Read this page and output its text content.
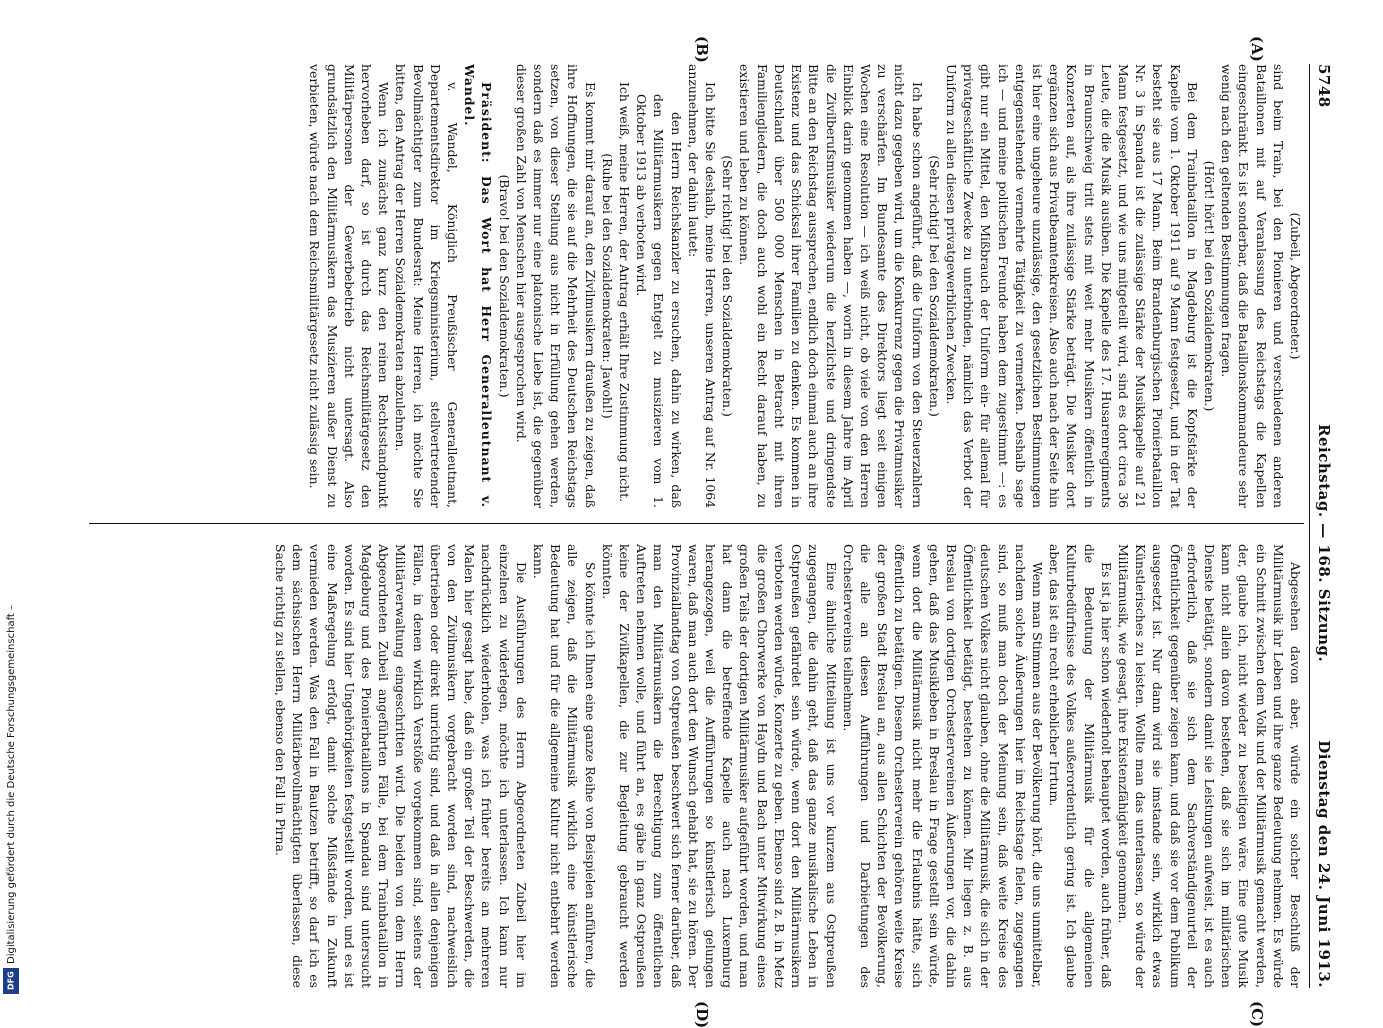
5748
Reichstag. — 168. Sitzung.
Dienstag den 24. Juni 1913.
(A)
(B)
(C)
(D)

(Zubeil, Abgeordneter.)

sind beim Train, bei den Pionieren und verschiedenen anderen Bataillonen mit auf Veranlassung des Reichstags die Kapellen eingeschränkt. Es ist sonderbar, daß die Bataillonskommandeure sehr wenig nach den geltenden Bestimmungen fragen.

(Hört! hört! bei den Sozialdemokraten.)

Bei dem Trainbataillon in Magdeburg ist die Kopfstärke der Kapelle vom 1. Oktober 1911 auf 9 Mann festgesetzt, und in der Tat besteht sie aus 17 Mann. Beim Brandenburgischen Pionierbataillon Nr. 3 in Spandau ist die zulässige Stärke der Musikkapelle auf 21 Mann festgesetzt, und wie uns mitgeteilt wird, sind es dort circa 36 Leute, die die Musik ausüben. Die Kapelle des 17. Husarenregiments in Braunschweig tritt stets mit weit mehr Musikern öffentlich in Konzerten auf, als ihre zulässige Stärke beträgt. Die Musiker dort ergänzen sich aus Privatbeamtenkreisen. Also auch nach der Seite hin ist hier eine ungeheure unzulässige, den gesetzlichen Bestimmungen entgegenstehende vermehrte Tätigkeit zu vermerken. Deshalb sage ich — und meine politischen Freunde haben dem zugestimmt —: es gibt nur ein Mittel, den Mißbrauch der Uniform ein- für allemal für privatgeschäftliche Zwecke zu unterbinden, nämlich das Verbot der Uniform zu allen diesen privatgewerblichen Zwecken.

(Sehr richtig! bei den Sozialdemokraten.)

Ich habe schon angeführt, daß die Uniform von den Steuerzahlern nicht dazu gegeben wird, um die Konkurrenz gegen die Privatmusiker zu verschärfen. Im Bundesamte des Direktors liegt seit einigen Wochen eine Resolution — ich weiß nicht, ob viele von den Herren Einblick darin genommen haben —, worin in diesem Jahre im April die Zivilberufsmusiker wiederum die herzlichste und dringendste Bitte an den Reichstag aussprechen, endlich doch einmal auch an ihre Existenz und das Schicksal ihrer Familien zu denken. Es kommen in Deutschland über 500 000 Menschen in Betracht mit ihren Familiengliedern, die doch auch wohl ein Recht darauf haben, zu existieren und leben zu können.

(Sehr richtig! bei den Sozialdemokraten.)

Ich bitte Sie deshalb, meine Herren, unseren Antrag auf Nr. 1064 anzunehmen, der dahin lautet:

den Herrn Reichskanzler zu ersuchen, dahin zu wirken, daß den Militärmusikern gegen Entgelt zu musizieren vom 1. Oktober 1913 ab verboten wird.

Ich weiß, meine Herren, der Antrag erhält Ihre Zustimmung nicht.

(Ruhe bei den Sozialdemokraten: Jawohl!)

Es kommt mir darauf an, den Zivilmusikern draußen zu zeigen, daß ihre Hoffnungen, die sie auf die Mehrheit des Deutschen Reichstags setzen, von dieser Stellung aus nicht in Erfüllung gehen werden, sondern daß es immer nur eine platonische Liebe ist, die gegenüber dieser großen Zahl von Menschen hier ausgesprochen wird.

(Bravo! bei den Sozialdemokraten.)

Präsident: Das Wort hat Herr Generalleutnant v. Wandel.

v. Wandel, Königlich Preußischer Generalleutnant, Departementsdirektor im Kriegsministerium, stellvertretender Bevollmächtigter zum Bundesrat: Meine Herren, ich möchte Sie bitten, den Antrag der Herren Sozialdemokraten abzulehnen.

Wenn ich zunächst ganz kurz den reinen Rechtsstandpunkt hervorheben darf, so ist durch das Reichsmilitärgesetz den Militärpersonen der Gewerbebetrieb nicht untersagt. Also grundsätzlich den Militärmusikern das Musizieren außer Dienst zu verbieten, würde nach dem Reichsmilitärgesetz nicht zulässig sein.

Abgesehen davon aber, würde ein solcher Beschluß der Militärmusik ihr Leben und ihre ganze Bedeutung nehmen. Es würde ein Schnitt zwischen dem Volk und der Militärmusik gemacht werden, der, glaube ich, nicht wieder zu beseitigen wäre. Eine gute Musik kann nicht allein davon bestehen, daß sie sich im militärischen Dienste betätigt, sondern damit sie Leistungen aufweist, ist es auch erforderlich, daß sie sich dem Sachverständigenurteil der Öffentlichkeit gegenüber zeigen kann, und daß sie vor dem Publikum ausgesetzt ist. Nur dann wird sie imstande sein, wirklich etwas Künstlerisches zu leisten. Wollte man das unterlassen, so würde der Militärmusik, wie gesagt, ihre Existenzfähigkeit genommen.

Es ist ja hier schon wiederholt behauptet worden, auch früher, daß die Bedeutung der Militärmusik für die allgemeinen Kulturbedürfnisse des Volkes außerordentlich gering ist. Ich glaube aber, das ist ein recht erheblicher Irrtum.

Wenn man Stimmen aus der Bevölkerung hört, die uns unmittelbar, nachdem solche Äußerungen hier im Reichstage fielen, zugegangen sind, so muß man doch der Meinung sein, daß weite Kreise des deutschen Volkes nicht glauben, ohne die Militärmusik, die sich in der Öffentlichkeit betätigt, bestehen zu können. Mir liegen z. B. aus Breslau von dortigen Orchestervereinen Äußerungen vor, die dahin gehen, daß das Musikleben in Breslau in Frage gestellt sein würde, wenn dort die Militärmusik nicht mehr die Erlaubnis hätte, sich öffentlich zu betätigen. Diesem Orchesterverein gehören weite Kreise der großen Stadt Breslau an, aus allen Schichten der Bevölkerung, die alle an diesen Aufführungen und Darbietungen des Orchestervereins teilnehmen.

Eine ähnliche Mitteilung ist uns vor kurzem aus Ostpreußen zugegangen, die dahin geht, daß das ganze musikalische Leben in Ostpreußen gefährdet sein würde, wenn dort den Militärmusikern verboten werden würde, Konzerte zu geben. Ebenso sind z. B. in Metz die großen Chorwerke von Haydn und Bach unter Mitwirkung eines großen Teils der dortigen Militärmusiker aufgeführt worden, und man hat dann die betreffende Kapelle auch nach Luxemburg herangezogen, weil die Aufführungen so künstlerisch gelungen waren, daß man auch dort den Wunsch gehabt hat, sie zu hören. Der Provinziallandtag von Ostpreußen beschwert sich ferner darüber, daß man den Militärmusikern die Berechtigung zum öffentlichen Auftreten nehmen wolle, und führt an, es gäbe in ganz Ostpreußen keine der Zivilkapellen, die zur Begleitung gebraucht werden könnten.

So könnte ich Ihnen eine ganze Reihe von Beispielen anführen, die alle zeigen, daß die Militärmusik wirklich eine künstlerische Bedeutung hat und für die allgemeine Kultur nicht entbehrt werden kann.

Die Ausführungen des Herrn Abgeordneten Zubeil hier im einzelnen zu widerlegen, möchte ich unterlassen. Ich kann nur nachdrücklich wiederholen, was ich früher bereits an mehreren Malen hier gesagt habe, daß ein großer Teil der Beschwerden, die von den Zivilmusikern vorgebracht worden sind, nachweislich übertrieben oder direkt unrichtig sind, und daß in allen denjenigen Fällen, in denen wirklich Verstöße vorgekommen sind, seitens der Militärverwaltung eingeschritten wird. Die beiden von dem Herrn Abgeordneten Zubeil angeführten Fälle, bei dem Trainbataillon in Magdeburg und des Pionierbataillons in Spandau sind untersucht worden. Es sind hier Ungehörigkeiten festgestellt worden, und es ist eine Maßregelung erfolgt, damit solche Mißstände in Zukunft vermieden werden. Was den Fall in Bautzen betrifft, so darf ich es dem sächsischen Herrn Militärbevollmächtigten überlassen, diese Sache richtig zu stellen, ebenso den Fall in Pirna.

Digitalisierung gefördert durch die Deutsche Forschungsgemeinschaft –
DFG
